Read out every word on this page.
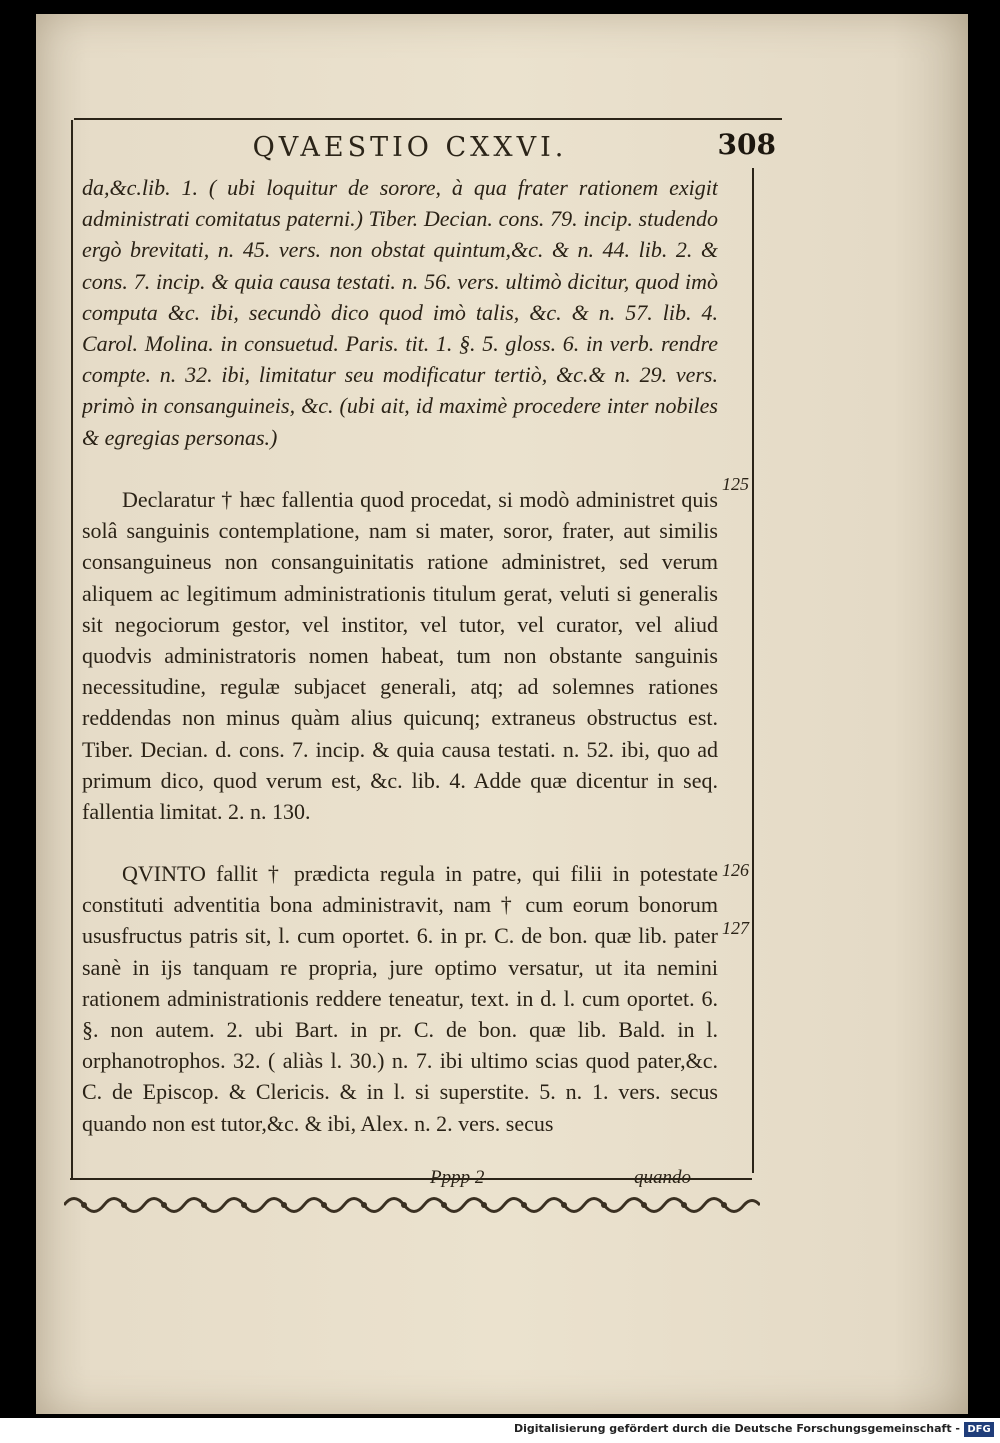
QVAESTIO CXXVI.	308

da,&c.lib. 1. ( ubi loquitur de sorore, à qua frater rationem exigit administrati comitatus paterni.) Tiber. Decian. cons. 79. incip. studendo ergò brevitati, n. 45. vers. non obstat quintum,&c. & n. 44. lib. 2. & cons. 7. incip. & quia causa testati. n. 56. vers. ultimò dicitur, quod imò computa &c. ibi, secundò dico quod imò talis, &c. & n. 57. lib. 4. Carol. Molina. in consuetud. Paris. tit. 1. §. 5. gloss. 6. in verb. rendre compte. n. 32. ibi, limitatur seu modificatur tertiò, &c.& n. 29. vers. primò in consanguineis, &c. (ubi ait, id maximè procedere inter nobiles & egregias personas.)

Declaratur † hæc fallentia quod procedat, si modò administret quis solâ sanguinis contemplatione, nam si mater, soror, frater, aut similis consanguineus non consanguinitatis ratione administret, sed verum aliquem ac legitimum administrationis titulum gerat, veluti si generalis sit negociorum gestor, vel institor, vel tutor, vel curator, vel aliud quodvis administratoris nomen habeat, tum non obstante sanguinis necessitudine, regulæ subjacet generali, atq; ad solemnes rationes reddendas non minus quàm alius quicunq; extraneus obstructus est. Tiber. Decian. d. cons. 7. incip. & quia causa testati. n. 52. ibi, quo ad primum dico, quod verum est, &c. lib. 4. Adde quæ dicentur in seq. fallentia limitat. 2. n. 130.

QVINTO fallit † prædicta regula in patre, qui filii in potestate constituti adventitia bona administravit, nam † cum eorum bonorum ususfructus patris sit, l. cum oportet. 6. in pr. C. de bon. quæ lib. pater sanè in ijs tanquam re propria, jure optimo versatur, ut ita nemini rationem administrationis reddere teneatur, text. in d. l. cum oportet. 6. §. non autem. 2. ubi Bart. in pr. C. de bon. quæ lib. Bald. in l. orphanotrophos. 32. ( aliàs l. 30.) n. 7. ibi ultimo scias quod pater,&c. C. de Episcop. & Clericis. & in l. si superstite. 5. n. 1. vers. secus quando non est tutor,&c. & ibi, Alex. n. 2. vers. secus

125
126
127
Pppp 2	quando
Digitalisierung gefördert durch die Deutsche Forschungsgemeinschaft - DFG
